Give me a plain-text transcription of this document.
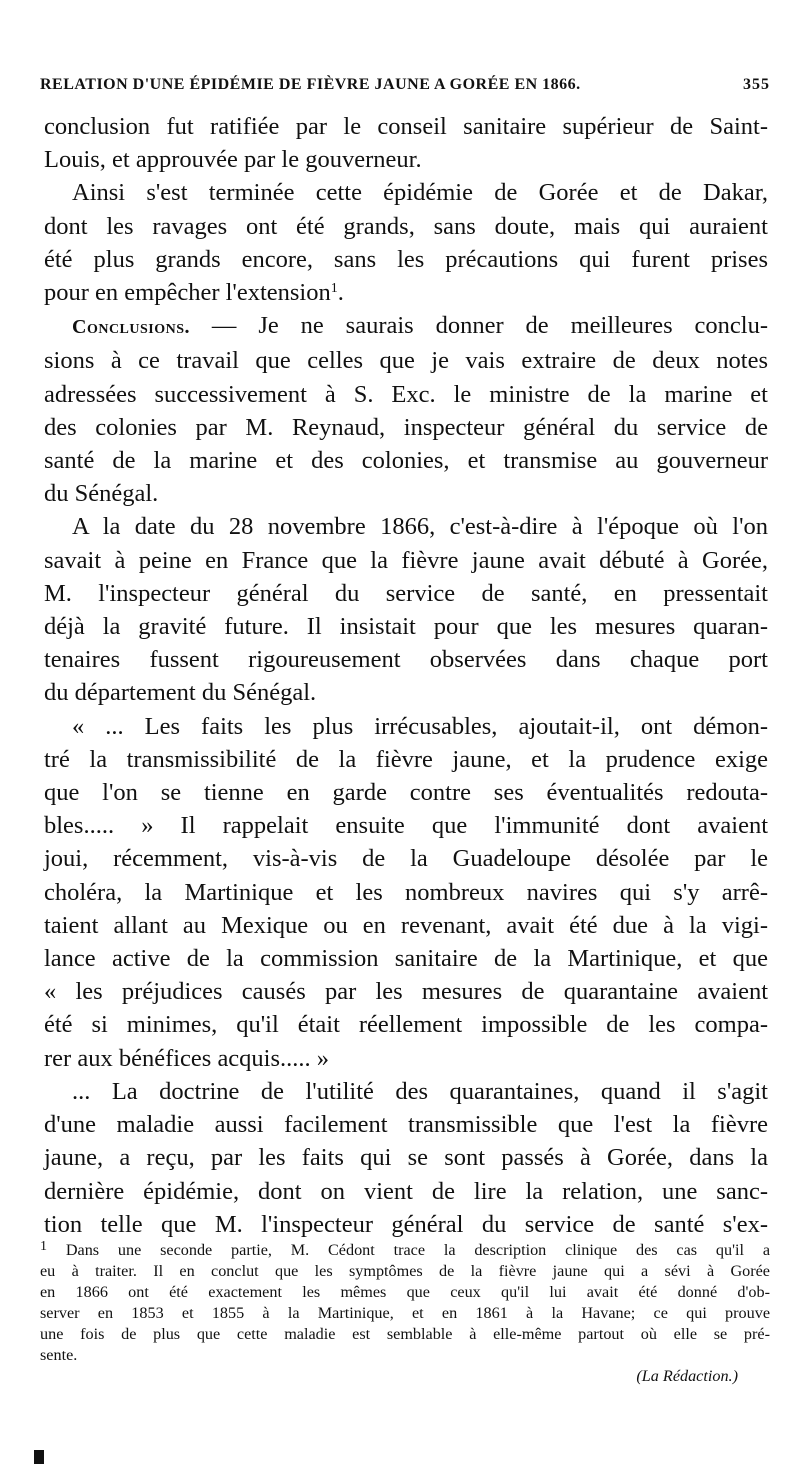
RELATION D'UNE ÉPIDÉMIE DE FIÈVRE JAUNE A GORÉE EN 1866.	355

conclusion fut ratifiée par le conseil sanitaire supérieur de Saint-
Louis, et approuvée par le gouverneur.

Ainsi s'est terminée cette épidémie de Gorée et de Dakar,
dont les ravages ont été grands, sans doute, mais qui auraient
été plus grands encore, sans les précautions qui furent prises
pour en empêcher l'extension$^1$.

Conclusions. — Je ne saurais donner de meilleures conclu-
sions à ce travail que celles que je vais extraire de deux notes
adressées successivement à S. Exc. le ministre de la marine et
des colonies par M. Reynaud, inspecteur général du service de
santé de la marine et des colonies, et transmise au gouverneur
du Sénégal.

A la date du 28 novembre 1866, c'est-à-dire à l'époque où l'on
savait à peine en France que la fièvre jaune avait débuté à Gorée,
M. l'inspecteur général du service de santé, en pressentait
déjà la gravité future. Il insistait pour que les mesures quaran-
tenaires fussent rigoureusement observées dans chaque port
du département du Sénégal.

« ... Les faits les plus irrécusables, ajoutait-il, ont démon-
tré la transmissibilité de la fièvre jaune, et la prudence exige
que l'on se tienne en garde contre ses éventualités redouta-
bles..... » Il rappelait ensuite que l'immunité dont avaient
joui, récemment, vis-à-vis de la Guadeloupe désolée par le
choléra, la Martinique et les nombreux navires qui s'y arrê-
taient allant au Mexique ou en revenant, avait été due à la vigi-
lance active de la commission sanitaire de la Martinique, et que
« les préjudices causés par les mesures de quarantaine avaient
été si minimes, qu'il était réellement impossible de les compa-
rer aux bénéfices acquis..... »

... La doctrine de l'utilité des quarantaines, quand il s'agit
d'une maladie aussi facilement transmissible que l'est la fièvre
jaune, a reçu, par les faits qui se sont passés à Gorée, dans la
dernière épidémie, dont on vient de lire la relation, une sanc-
tion telle que M. l'inspecteur général du service de santé s'ex-

$^1$ Dans une seconde partie, M. Cédont trace la description clinique des cas qu'il a
eu à traiter. Il en conclut que les symptômes de la fièvre jaune qui a sévi à Gorée
en 1866 ont été exactement les mêmes que ceux qu'il lui avait été donné d'ob-
server en 1853 et 1855 à la Martinique, et en 1861 à la Havane; ce qui prouve
une fois de plus que cette maladie est semblable à elle-même partout où elle se pré-
sente.
(La Rédaction.)
